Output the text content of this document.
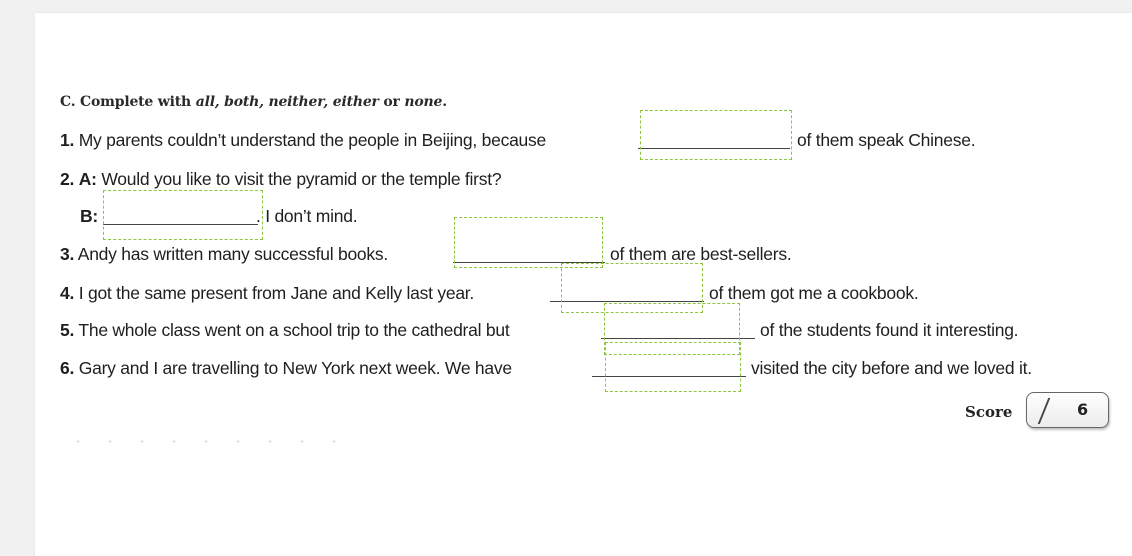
C. Complete with all, both, neither, either or none.
1. My parents couldn’t understand the people in Beijing, because	of them speak Chinese.
2. A: Would you like to visit the pyramid or the temple first?
B:	. I don’t mind.
3. Andy has written many successful books.	of them are best-sellers.
4. I got the same present from Jane and Kelly last year.	of them got me a cookbook.
5. The whole class went on a school trip to the cathedral but	of the students found it interesting.
6. Gary and I are travelling to New York next week. We have	visited the city before and we loved it.
Score	6
